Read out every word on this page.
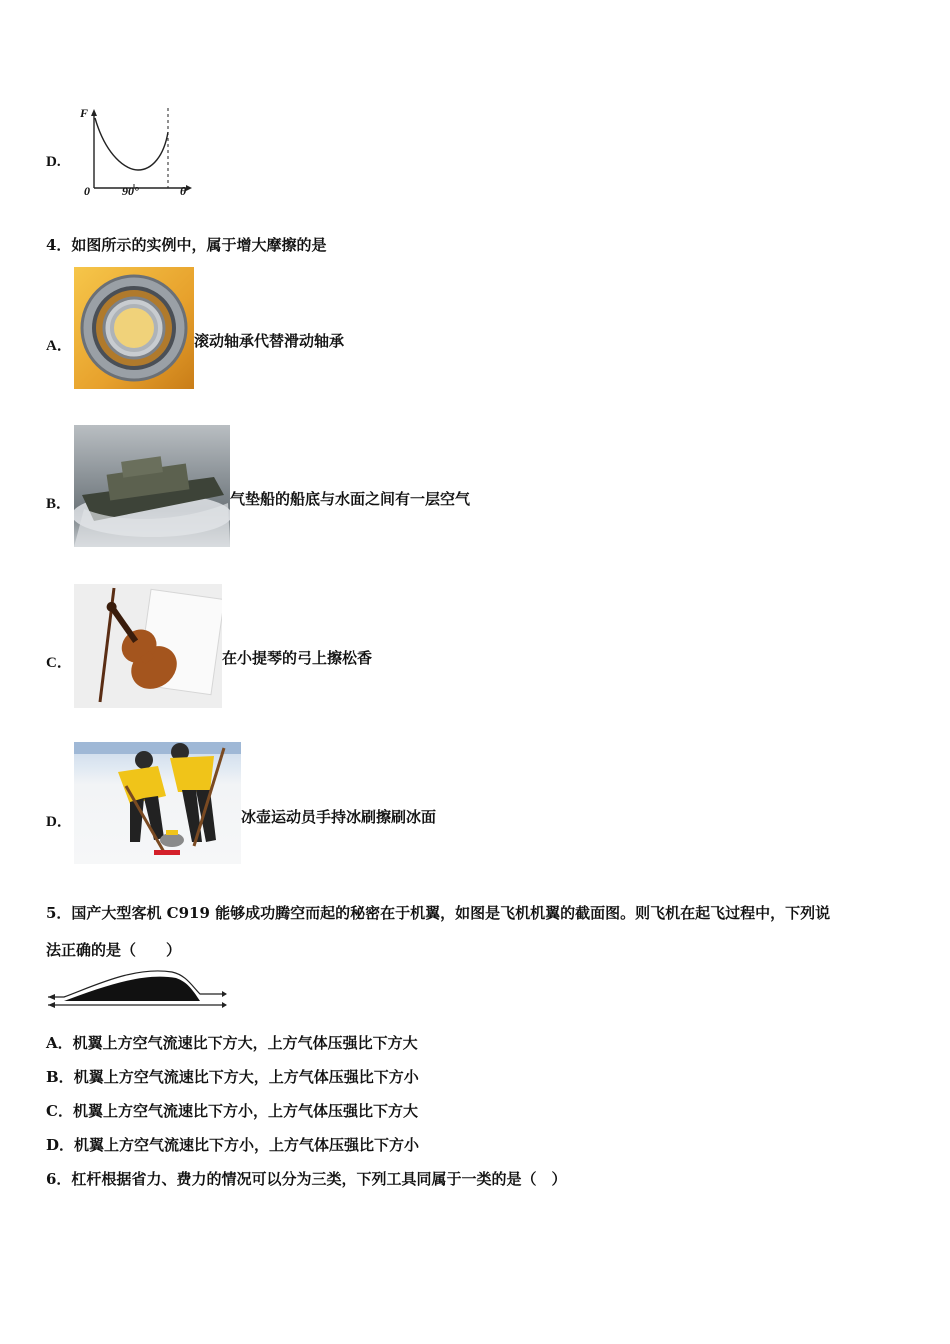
D.
F
0	90°	θ
4．如图所示的实例中，属于增大摩擦的是
A．	滚动轴承代替滑动轴承
B．	气垫船的船底与水面之间有一层空气
C．	在小提琴的弓上擦松香
D．	冰壶运动员手持冰刷擦刷冰面
5．国产大型客机 C919 能够成功腾空而起的秘密在于机翼，如图是飞机机翼的截面图。则飞机在起飞过程中，下列说
法正确的是（　　）
A．机翼上方空气流速比下方大，上方气体压强比下方大
B．机翼上方空气流速比下方大，上方气体压强比下方小
C．机翼上方空气流速比下方小，上方气体压强比下方大
D．机翼上方空气流速比下方小，上方气体压强比下方小
6．杠杆根据省力、费力的情况可以分为三类，下列工具同属于一类的是（　）
